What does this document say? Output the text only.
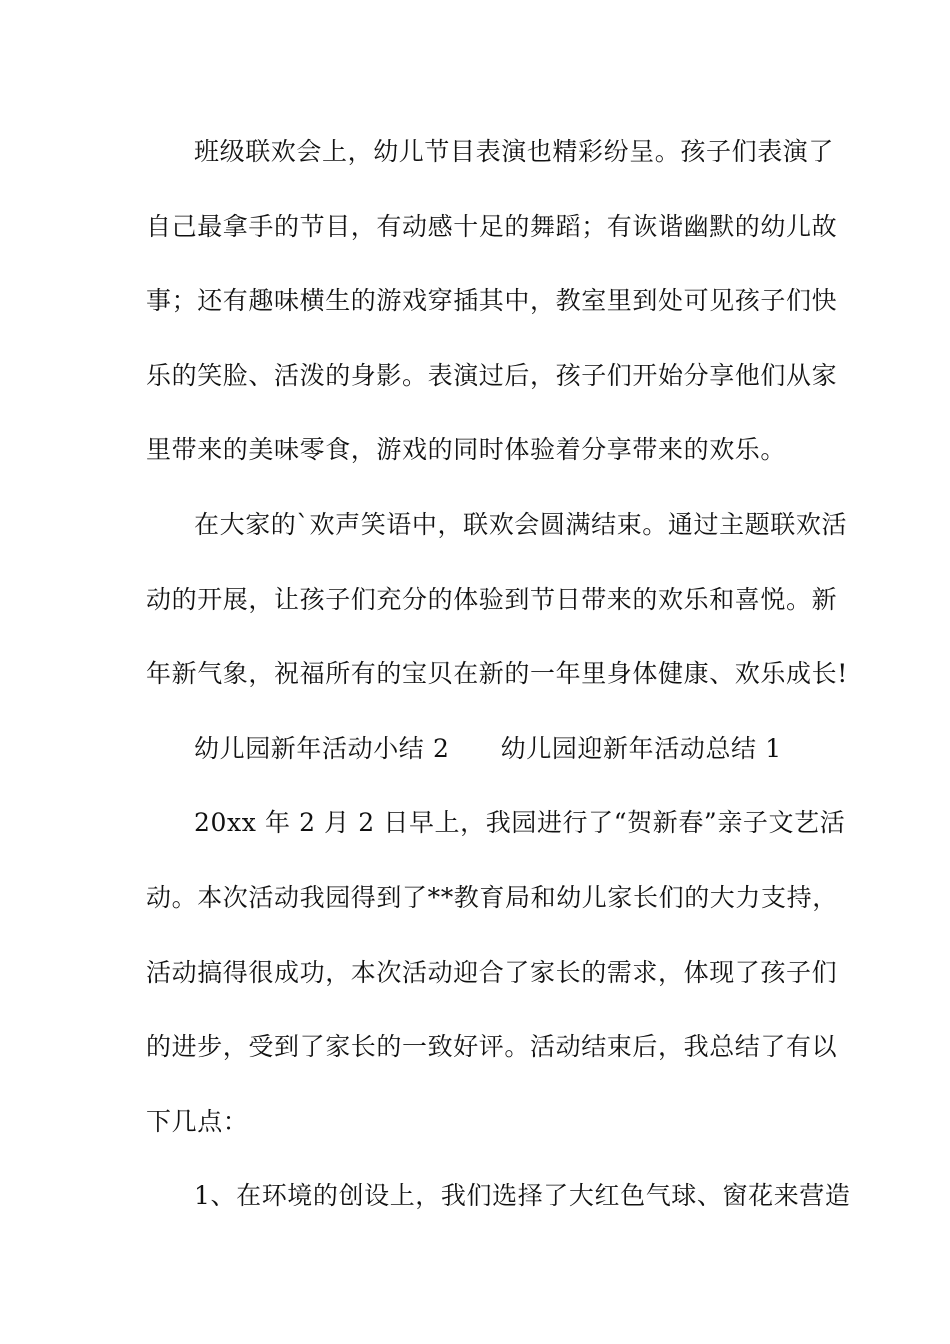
班级联欢会上，幼儿节目表演也精彩纷呈。孩子们表演了
自己最拿手的节目，有动感十足的舞蹈；有诙谐幽默的幼儿故
事；还有趣味横生的游戏穿插其中，教室里到处可见孩子们快
乐的笑脸、活泼的身影。表演过后，孩子们开始分享他们从家
里带来的美味零食，游戏的同时体验着分享带来的欢乐。
在大家的`欢声笑语中，联欢会圆满结束。通过主题联欢活
动的开展，让孩子们充分的体验到节日带来的欢乐和喜悦。新
年新气象，祝福所有的宝贝在新的一年里身体健康、欢乐成长!
幼儿园新年活动小结 2　　幼儿园迎新年活动总结 1
20xx 年 2 月 2 日早上，我园进行了“贺新春”亲子文艺活
动。本次活动我园得到了**教育局和幼儿家长们的大力支持，
活动搞得很成功，本次活动迎合了家长的需求，体现了孩子们
的进步，受到了家长的一致好评。活动结束后，我总结了有以
下几点：
1、在环境的创设上，我们选择了大红色气球、窗花来营造
